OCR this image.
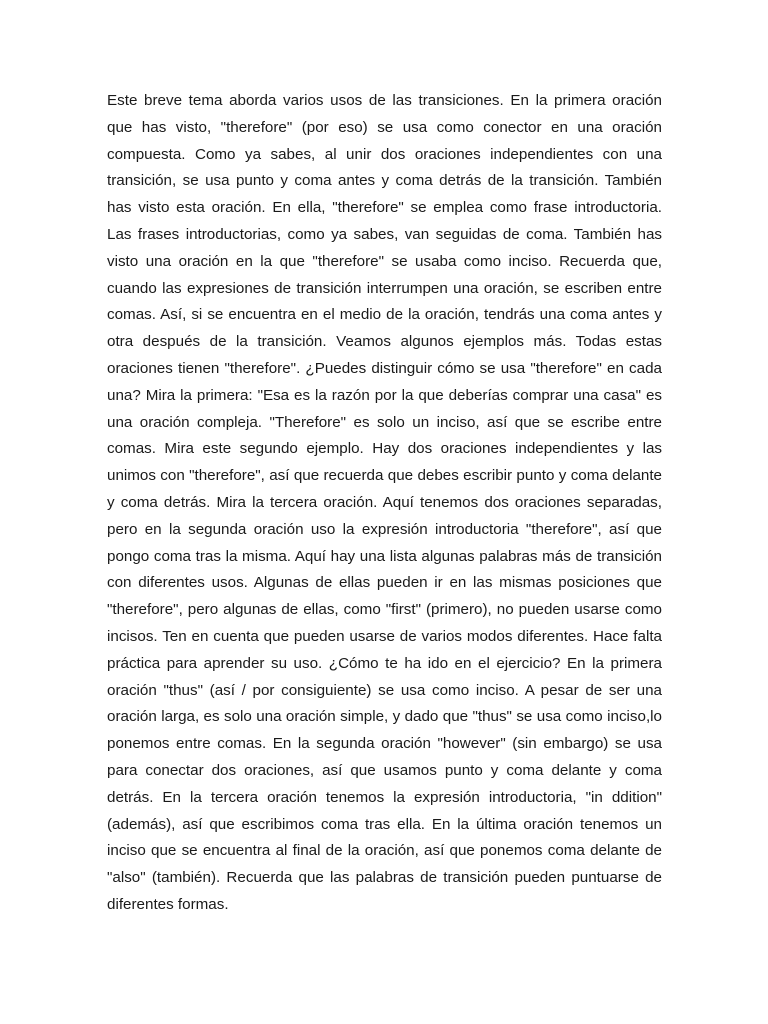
Este breve tema aborda varios usos de las transiciones. En la primera oración que has visto, "therefore" (por eso) se usa como conector en una oración compuesta. Como ya sabes, al unir dos oraciones independientes con una transición, se usa punto y coma antes y coma detrás de la transición. También has visto esta oración. En ella, "therefore" se emplea como frase introductoria. Las frases introductorias, como ya sabes, van seguidas de coma. También has visto una oración en la que "therefore" se usaba como inciso. Recuerda que, cuando las expresiones de transición interrumpen una oración, se escriben entre comas. Así, si se encuentra en el medio de la oración, tendrás una coma antes y otra después de la transición. Veamos algunos ejemplos más. Todas estas oraciones tienen "therefore". ¿Puedes distinguir cómo se usa "therefore" en cada una? Mira la primera: "Esa es la razón por la que deberías comprar una casa" es una oración compleja. "Therefore" es solo un inciso, así que se escribe entre comas. Mira este segundo ejemplo. Hay dos oraciones independientes y las unimos con "therefore", así que recuerda que debes escribir punto y coma delante y coma detrás. Mira la tercera oración. Aquí tenemos dos oraciones separadas, pero en la segunda oración uso la expresión introductoria "therefore", así que pongo coma tras la misma. Aquí hay una lista algunas palabras más de transición con diferentes usos. Algunas de ellas pueden ir en las mismas posiciones que "therefore", pero algunas de ellas, como "first" (primero), no pueden usarse como incisos. Ten en cuenta que pueden usarse de varios modos diferentes. Hace falta práctica para aprender su uso. ¿Cómo te ha ido en el ejercicio? En la primera oración "thus" (así / por consiguiente) se usa como inciso. A pesar de ser una oración larga, es solo una oración simple, y dado que "thus" se usa como inciso,lo ponemos entre comas. En la segunda oración "however" (sin embargo) se usa para conectar dos oraciones, así que usamos punto y coma delante y coma detrás. En la tercera oración tenemos la expresión introductoria, "in ddition" (además), así que escribimos coma tras ella. En la última oración tenemos un inciso que se encuentra al final de la oración, así que ponemos coma delante de "also" (también). Recuerda que las palabras de transición pueden puntuarse de diferentes formas.
